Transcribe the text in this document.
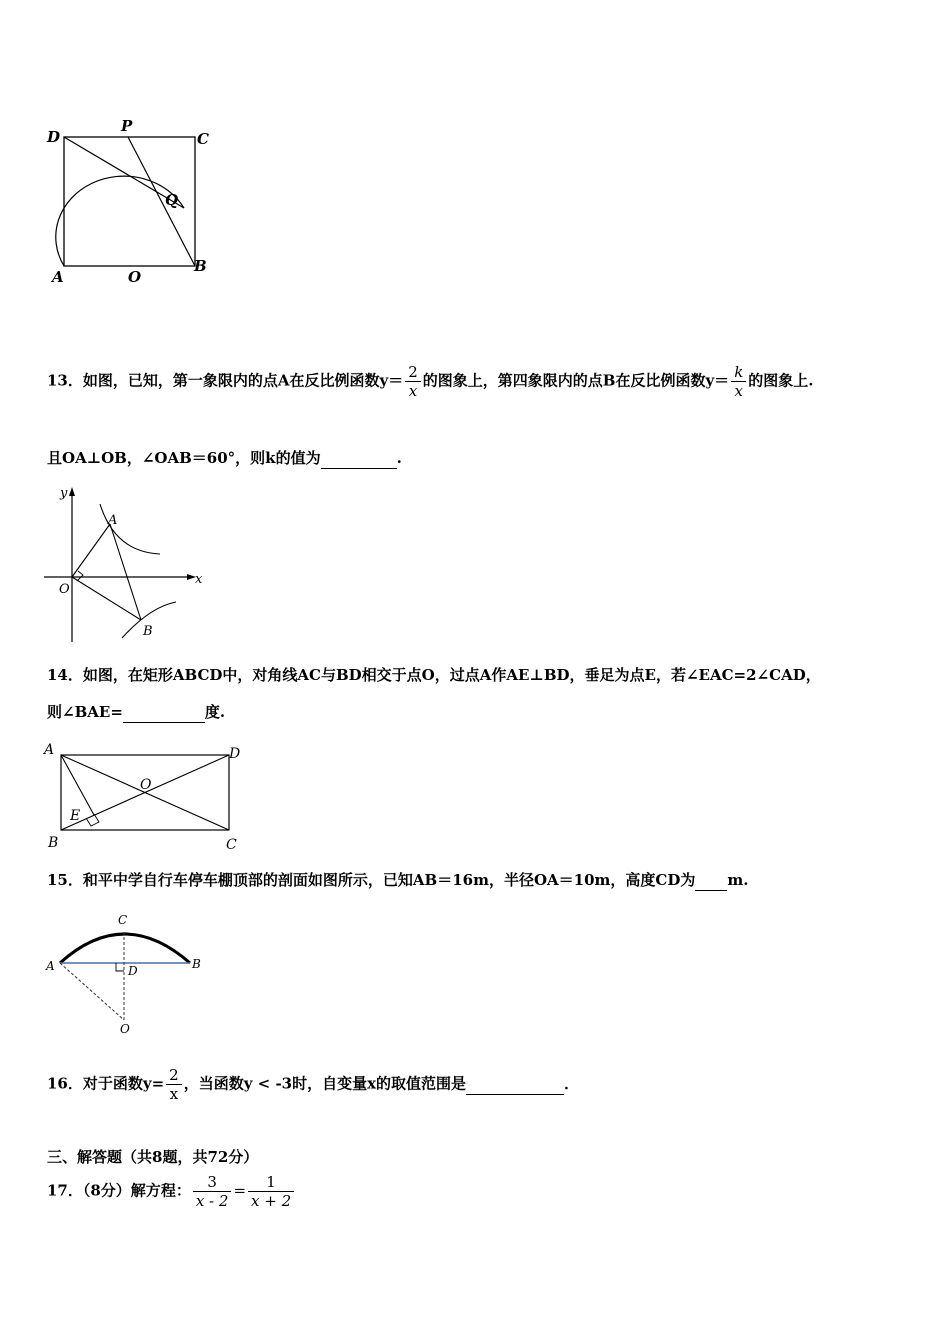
D
P
C
Q
A	O
B
13．如图，已知，第一象限内的点A在反比例函数$y= \frac{2}{x}$ 的图象上，第四象限内的点B在反比例函数$y= \frac{k}{x}$ 的图象上.
且OA⊥OB，∠OAB＝60°，则k的值为	.
y
x
O
A
B
14．如图，在矩形ABCD中，对角线AC与BD相交于点O，过点A作AE⊥BD，垂足为点E，若∠EAC=2∠CAD，
则∠BAE=	度.
A	D
O
E
B	C
15．和平中学自行车停车棚顶部的剖面如图所示，已知AB＝16m，半径OA＝10m，高度CD为 m.
C
A	D	B
O
16．对于函数$y= \frac{2}{x}$ ，当函数y < -3时，自变量x的取值范围是	．
三、解答题（共8题，共72分）
17．（8分）解方程： $\frac{3}{x - 2} = \frac{1}{x + 2}$
